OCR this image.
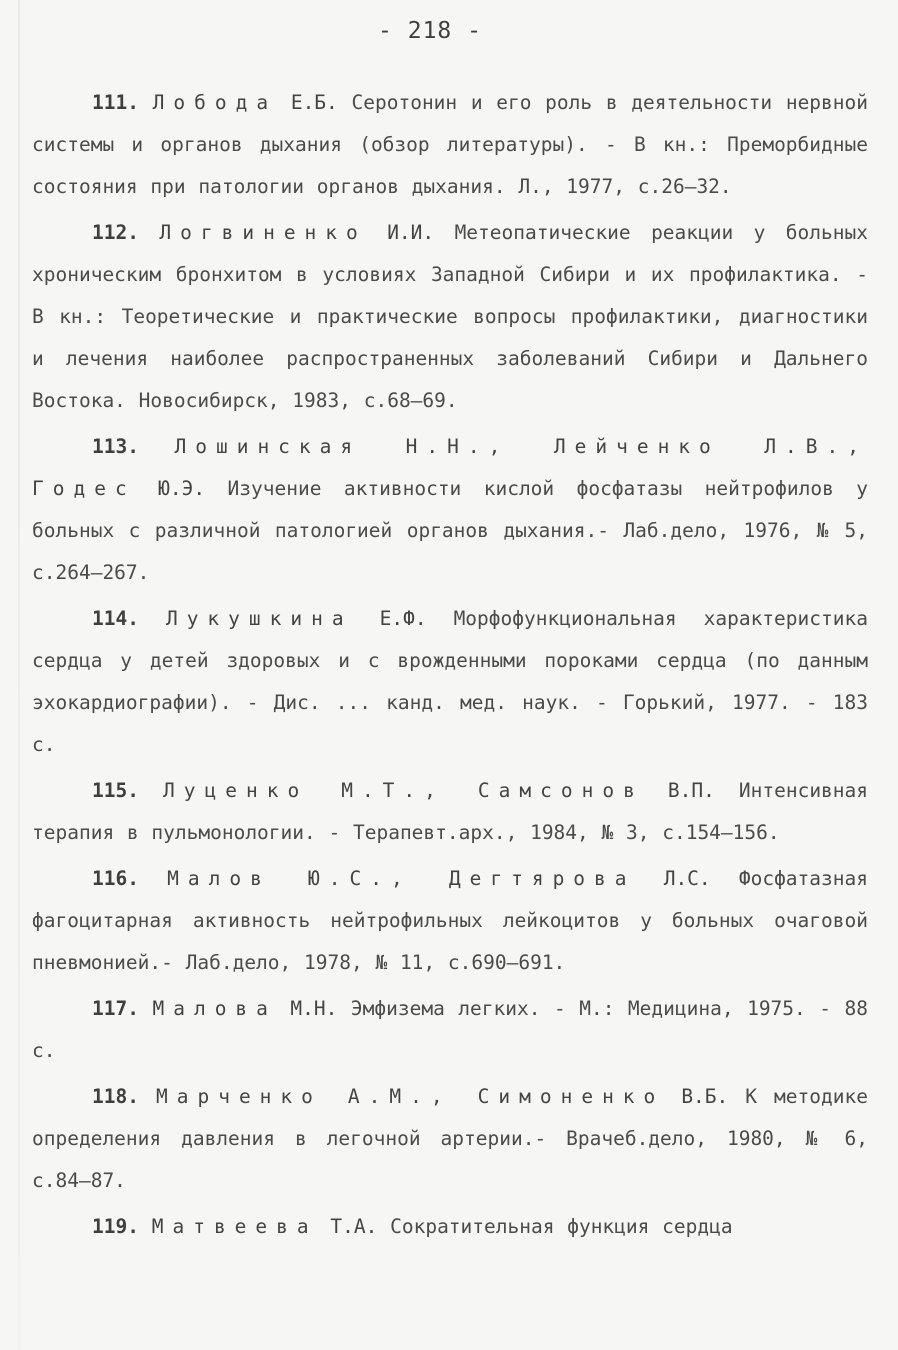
- 218 -

111. Лобода Е.Б. Серотонин и его роль в деятельности нервной системы и органов дыхания (обзор литературы). - В кн.: Преморбидные состояния при патологии органов дыхания. Л., 1977, с.26–32.

112. Логвиненко И.И. Метеопатические реакции у больных хроническим бронхитом в условиях Западной Сибири и их профилактика. - В кн.: Теоретические и практические вопросы профилактики, диагностики и лечения наиболее распространенных заболеваний Сибири и Дальнего Востока. Новосибирск, 1983, с.68–69.

113. Лошинская Н.Н., Лейченко Л.В., Годес Ю.Э. Изучение активности кислой фосфатазы нейтрофилов у больных с различной патологией органов дыхания.- Лаб.дело, 1976, № 5, с.264–267.

114. Лукушкина Е.Ф. Морфофункциональная характеристика сердца у детей здоровых и с врожденными пороками сердца (по данным эхокардиографии). - Дис. ... канд. мед. наук. - Горький, 1977. - 183 с.

115. Луценко М.Т., Самсонов В.П. Интенсивная терапия в пульмонологии. - Терапевт.арх., 1984, № 3, с.154–156.

116. Малов Ю.С., Дегтярова Л.С. Фосфатазная фагоцитарная активность нейтрофильных лейкоцитов у больных очаговой пневмонией.- Лаб.дело, 1978, № 11, с.690–691.

117. Малова М.Н. Эмфизема легких. - М.: Медицина, 1975. - 88 с.

118. Марченко А.М., Симоненко В.Б. К методике определения давления в легочной артерии.- Врачеб.дело, 1980, № 6, с.84–87.

119. Матвеева Т.А. Сократительная функция сердца
